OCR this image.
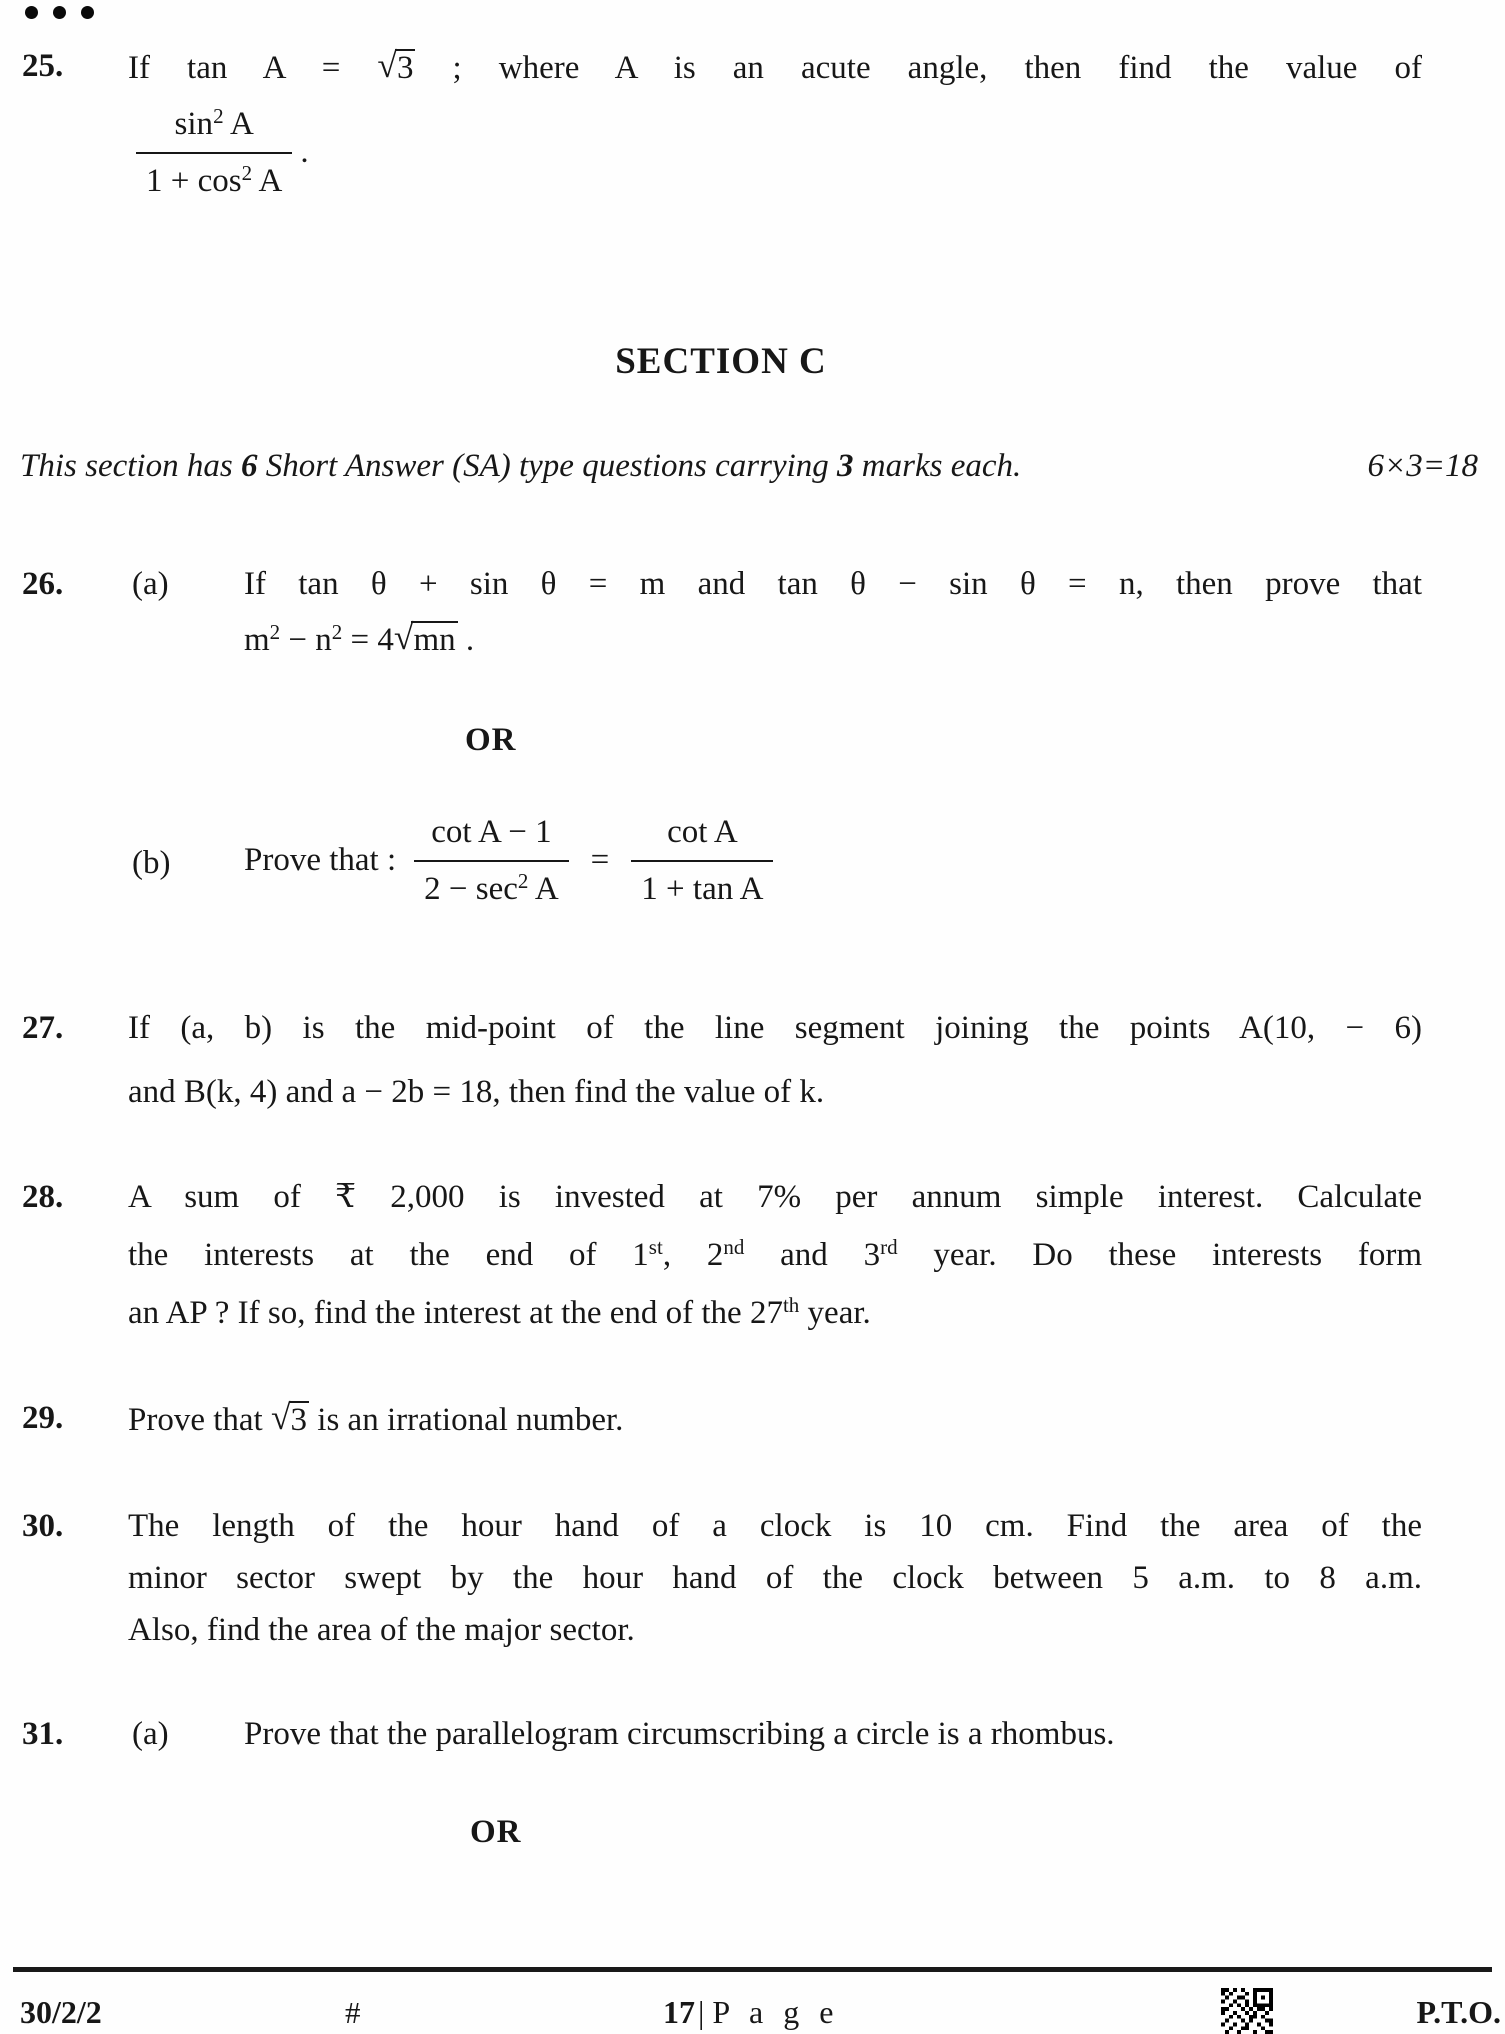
25. If tan A = √3 ; where A is an acute angle, then find the value of
$\frac{\sin^2 A}{1 + \cos^2 A}$ .
SECTION C
This section has 6 Short Answer (SA) type questions carrying 3 marks each.	6×3=18
26. (a) If tan θ + sin θ = m and tan θ − sin θ = n, then prove that
$m^2 - n^2 = 4√mn$ .
OR
(b) Prove that : $\frac{\text{cot A − 1}}{2 - \sec^2 A} = \frac{\text{cot A}}{\text{1 + tan A}}$
27. If (a, b) is the mid-point of the line segment joining the points A(10, − 6)
and B(k, 4) and a − 2b = 18, then find the value of k.
28. A sum of ₹ 2,000 is invested at 7% per annum simple interest. Calculate
the interests at the end of 1st, 2nd and 3rd year. Do these interests form
an AP ? If so, find the interest at the end of the 27th year.
29. Prove that √3 is an irrational number.
30. The length of the hour hand of a clock is 10 cm. Find the area of the
minor sector swept by the hour hand of the clock between 5 a.m. to 8 a.m.
Also, find the area of the major sector.
31. (a) Prove that the parallelogram circumscribing a circle is a rhombus.
OR
30/2/2	#	17| P a g e	P.T.O.
